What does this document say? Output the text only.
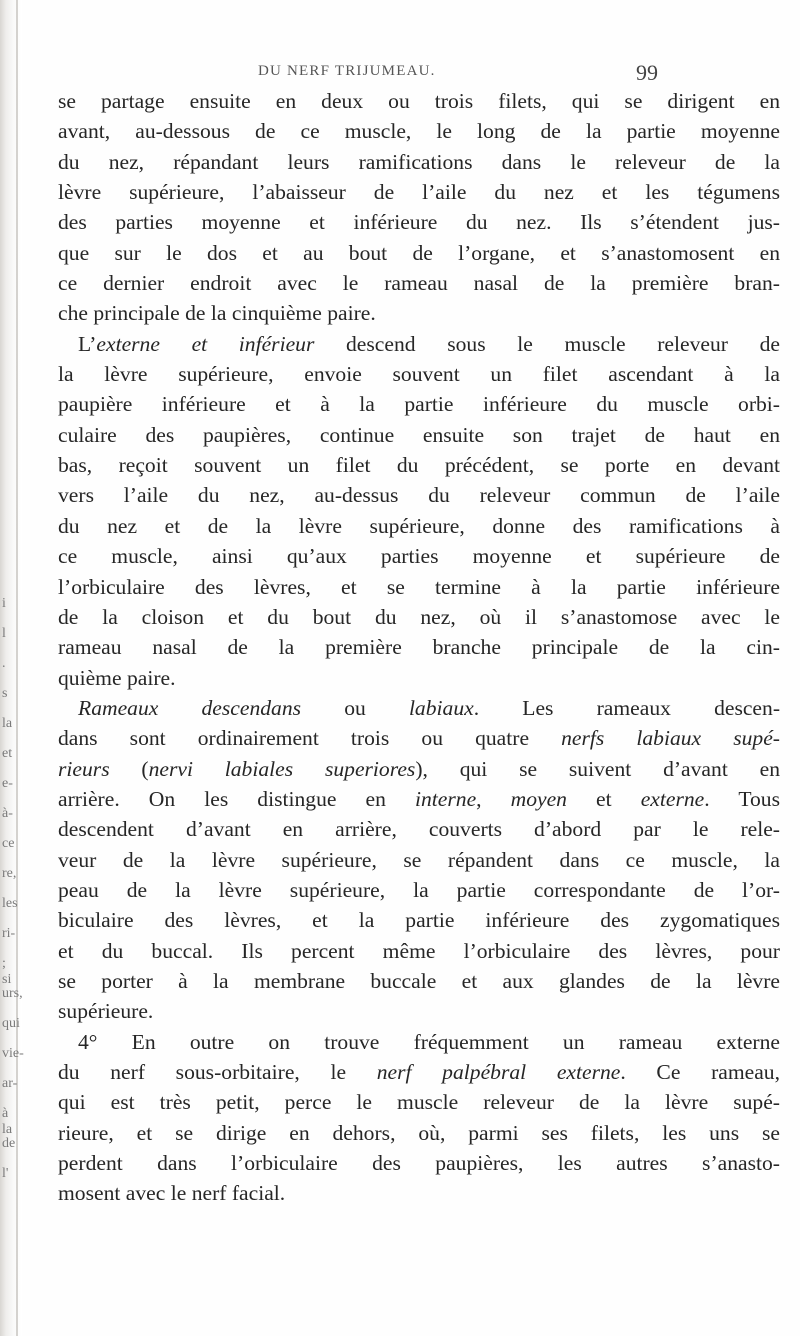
i
l
.
s
la
et
e-
à-
ce
re,
les
ri-
; si
urs,
qui
vie-
ar-
à la
de
l'
DU NERF TRIJUMEAU.	99
se partage ensuite en deux ou trois filets, qui se dirigent en
avant, au-dessous de ce muscle, le long de la partie moyenne
du nez, répandant leurs ramifications dans le releveur de la
lèvre supérieure, l’abaisseur de l’aile du nez et les tégumens
des parties moyenne et inférieure du nez. Ils s’étendent jus-
que sur le dos et au bout de l’organe, et s’anastomosent en
ce dernier endroit avec le rameau nasal de la première bran-
che principale de la cinquième paire.
L’externe et inférieur descend sous le muscle releveur de
la lèvre supérieure, envoie souvent un filet ascendant à la
paupière inférieure et à la partie inférieure du muscle orbi-
culaire des paupières, continue ensuite son trajet de haut en
bas, reçoit souvent un filet du précédent, se porte en devant
vers l’aile du nez, au-dessus du releveur commun de l’aile
du nez et de la lèvre supérieure, donne des ramifications à
ce muscle, ainsi qu’aux parties moyenne et supérieure de
l’orbiculaire des lèvres, et se termine à la partie inférieure
de la cloison et du bout du nez, où il s’anastomose avec le
rameau nasal de la première branche principale de la cin-
quième paire.
Rameaux descendans ou labiaux. Les rameaux descen-
dans sont ordinairement trois ou quatre nerfs labiaux supé-
rieurs (nervi labiales superiores), qui se suivent d’avant en
arrière. On les distingue en interne, moyen et externe. Tous
descendent d’avant en arrière, couverts d’abord par le rele-
veur de la lèvre supérieure, se répandent dans ce muscle, la
peau de la lèvre supérieure, la partie correspondante de l’or-
biculaire des lèvres, et la partie inférieure des zygomatiques
et du buccal. Ils percent même l’orbiculaire des lèvres, pour
se porter à la membrane buccale et aux glandes de la lèvre
supérieure.
4° En outre on trouve fréquemment un rameau externe
du nerf sous-orbitaire, le nerf palpébral externe. Ce rameau,
qui est très petit, perce le muscle releveur de la lèvre supé-
rieure, et se dirige en dehors, où, parmi ses filets, les uns se
perdent dans l’orbiculaire des paupières, les autres s’anasto-
mosent avec le nerf facial.
